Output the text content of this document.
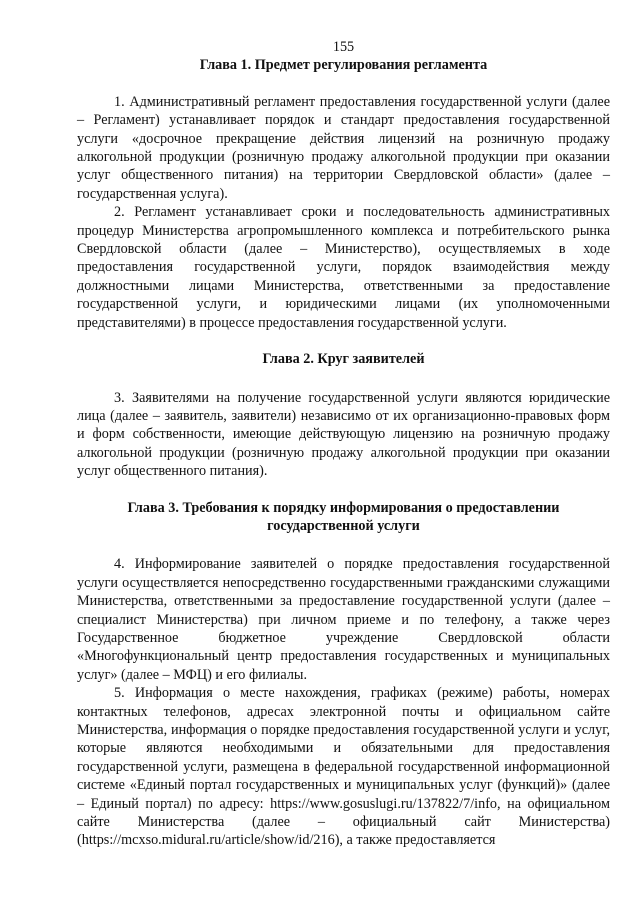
155
Глава 1. Предмет регулирования регламента

1. Административный регламент предоставления государственной услуги (далее – Регламент) устанавливает порядок и стандарт предоставления государственной услуги «досрочное прекращение действия лицензий на розничную продажу алкогольной продукции (розничную продажу алкогольной продукции при оказании услуг общественного питания) на территории Свердловской области» (далее – государственная услуга).

2. Регламент устанавливает сроки и последовательность административных процедур Министерства агропромышленного комплекса и потребительского рынка Свердловской области (далее – Министерство), осуществляемых в ходе предоставления государственной услуги, порядок взаимодействия между должностными лицами Министерства, ответственными за предоставление государственной услуги, и юридическими лицами (их уполномоченными представителями) в процессе предоставления государственной услуги.

Глава 2. Круг заявителей

3. Заявителями на получение государственной услуги являются юридические лица (далее – заявитель, заявители) независимо от их организационно-правовых форм и форм собственности, имеющие действующую лицензию на розничную продажу алкогольной продукции (розничную продажу алкогольной продукции при оказании услуг общественного питания).

Глава 3. Требования к порядку информирования о предоставлении
государственной услуги

4. Информирование заявителей о порядке предоставления государственной услуги осуществляется непосредственно государственными гражданскими служащими Министерства, ответственными за предоставление государственной услуги (далее – специалист Министерства) при личном приеме и по телефону, а также через Государственное бюджетное учреждение Свердловской области «Многофункциональный центр предоставления государственных и муниципальных услуг» (далее – МФЦ) и его филиалы.

5. Информация о месте нахождения, графиках (режиме) работы, номерах контактных телефонов, адресах электронной почты и официальном сайте Министерства, информация о порядке предоставления государственной услуги и услуг, которые являются необходимыми и обязательными для предоставления государственной услуги, размещена в федеральной государственной информационной системе «Единый портал государственных и муниципальных услуг (функций)» (далее – Единый портал) по адресу: https://www.gosuslugi.ru/137822/7/info, на официальном сайте Министерства (далее – официальный сайт Министерства) (https://mcxso.midural.ru/article/show/id/216), а также предоставляется
